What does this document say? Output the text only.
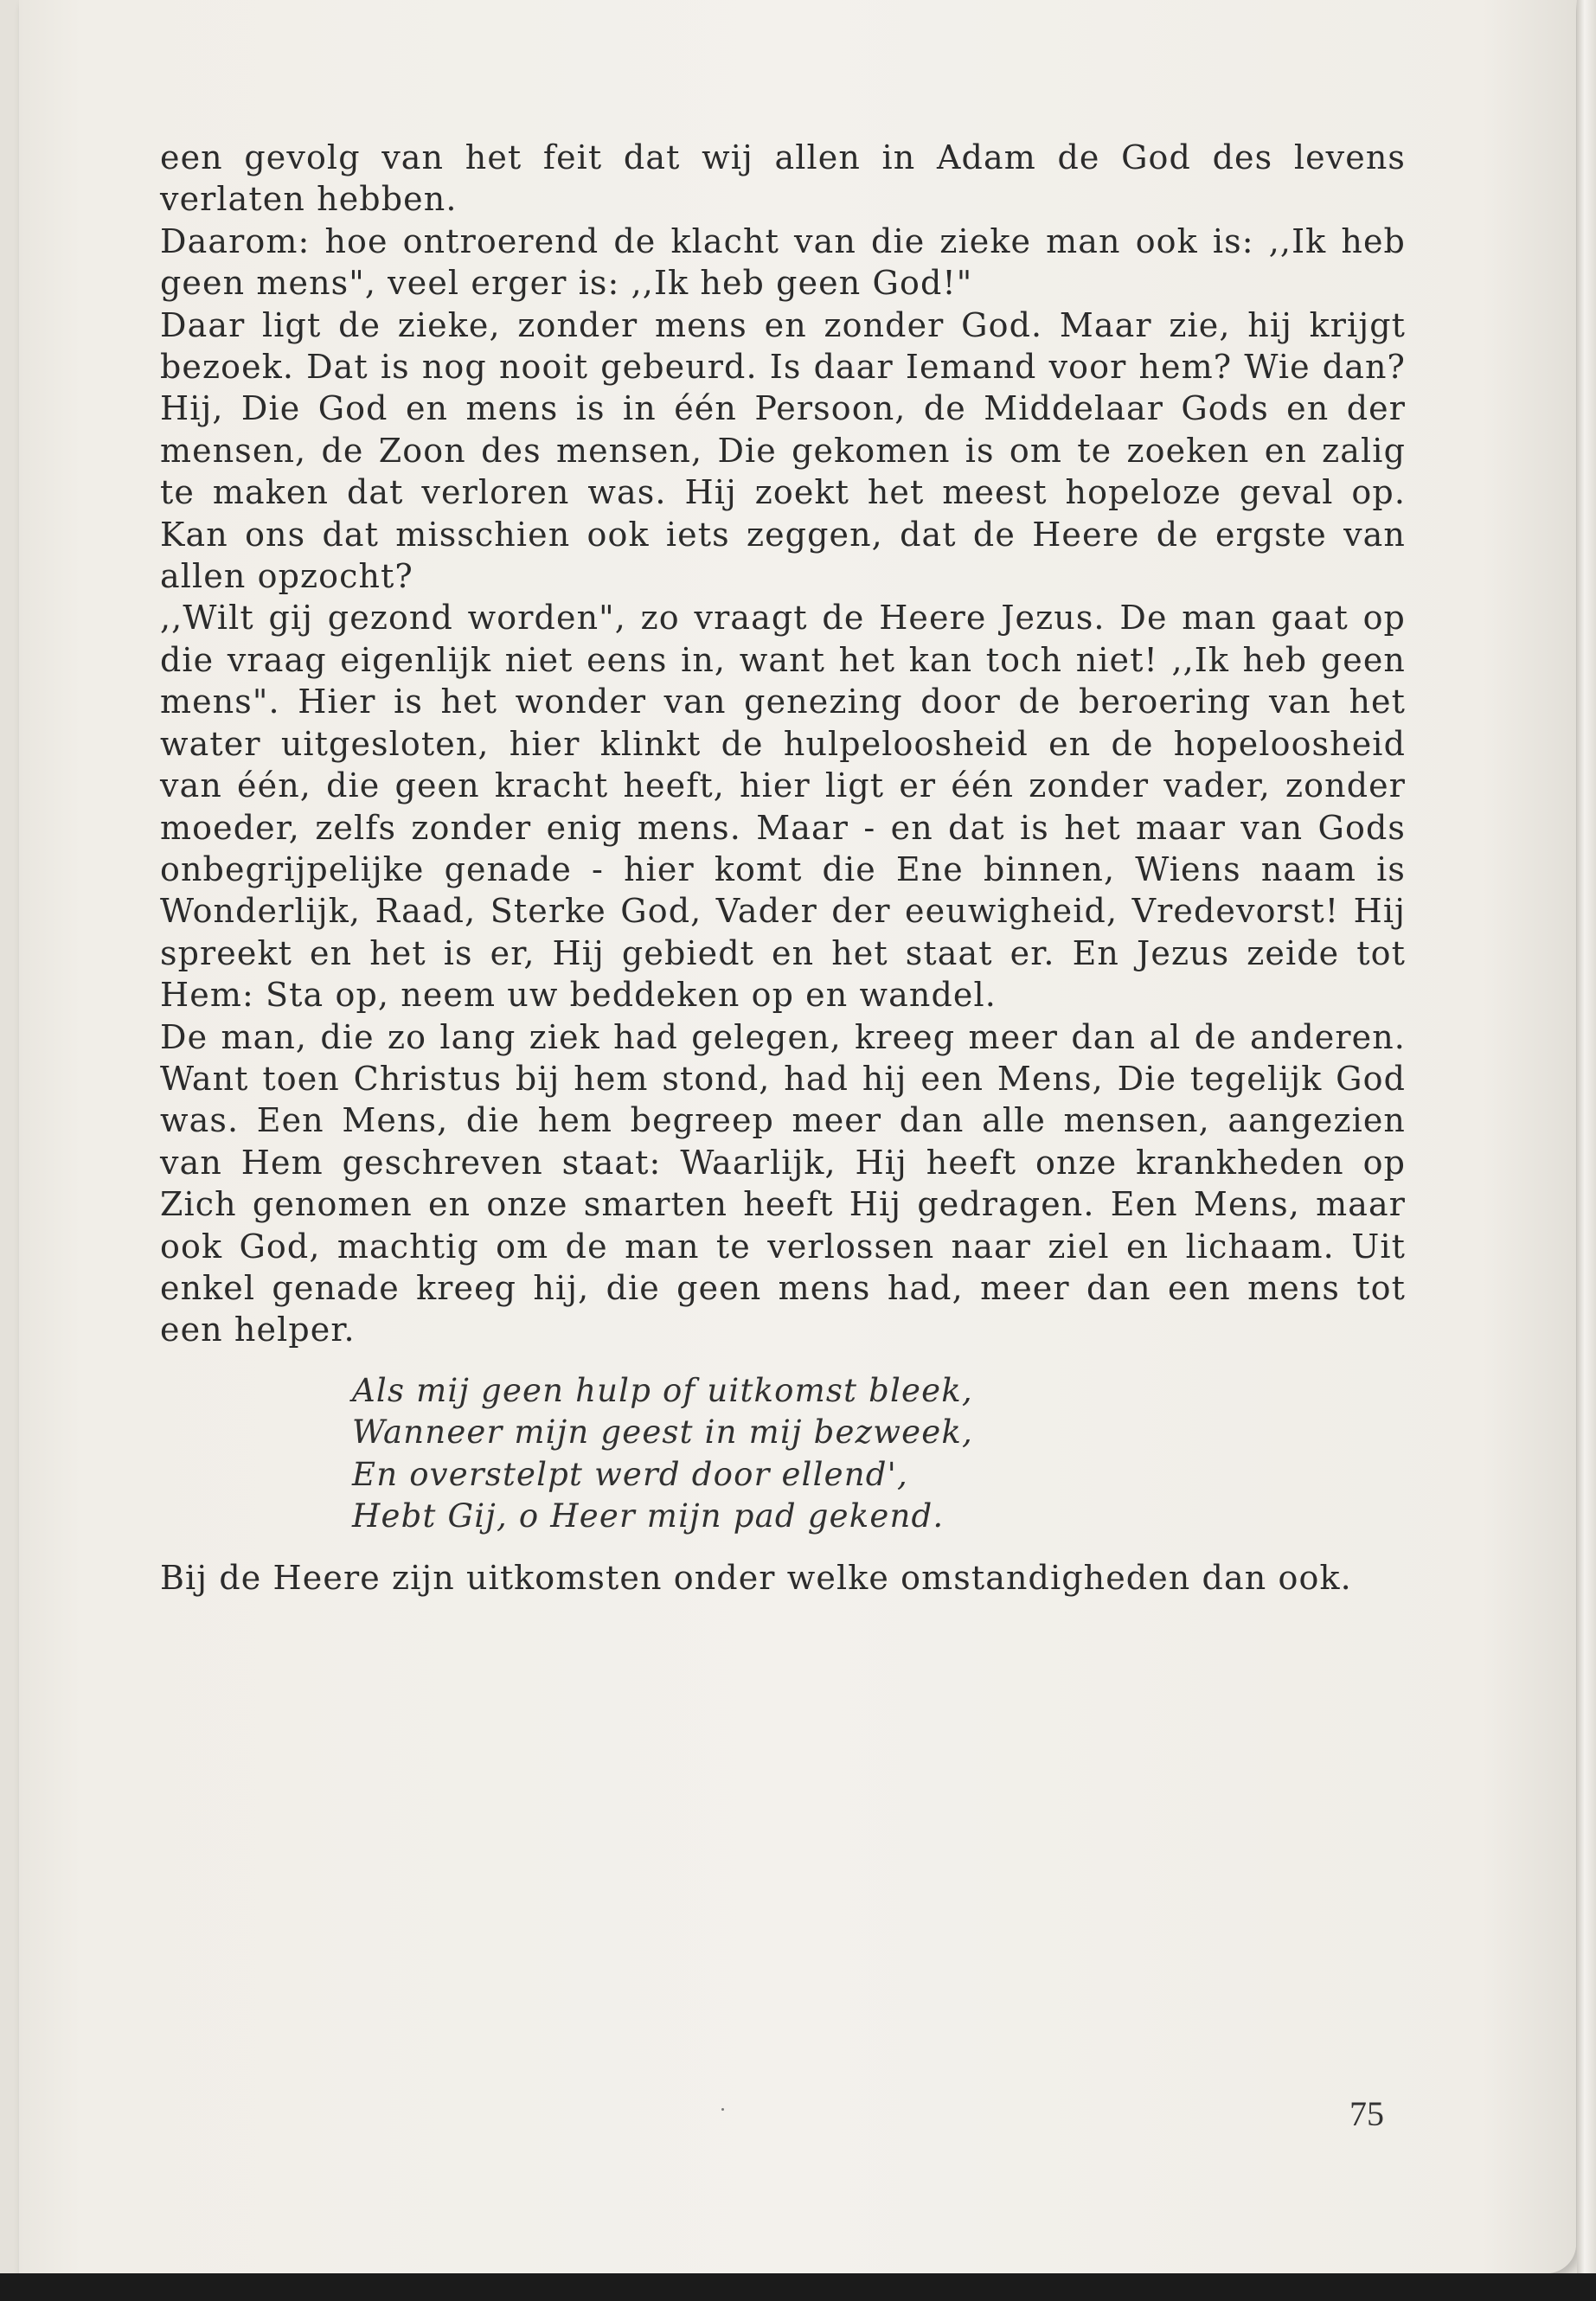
een gevolg van het feit dat wij allen in Adam de God des levens verlaten hebben.

Daarom: hoe ontroerend de klacht van die zieke man ook is: ,,Ik heb geen mens", veel erger is: ,,Ik heb geen God!"

Daar ligt de zieke, zonder mens en zonder God. Maar zie, hij krijgt bezoek. Dat is nog nooit gebeurd. Is daar Iemand voor hem? Wie dan? Hij, Die God en mens is in één Persoon, de Middelaar Gods en der mensen, de Zoon des mensen, Die gekomen is om te zoeken en zalig te maken dat verloren was. Hij zoekt het meest hopeloze geval op. Kan ons dat misschien ook iets zeggen, dat de Heere de ergste van allen opzocht?

,,Wilt gij gezond worden", zo vraagt de Heere Jezus. De man gaat op die vraag eigenlijk niet eens in, want het kan toch niet! ,,Ik heb geen mens". Hier is het wonder van genezing door de beroering van het water uitgesloten, hier klinkt de hulpeloosheid en de hopeloosheid van één, die geen kracht heeft, hier ligt er één zonder vader, zonder moeder, zelfs zonder enig mens. Maar - en dat is het maar van Gods onbegrijpelijke genade - hier komt die Ene binnen, Wiens naam is Wonderlijk, Raad, Sterke God, Vader der eeuwigheid, Vredevorst! Hij spreekt en het is er, Hij gebiedt en het staat er. En Jezus zeide tot Hem: Sta op, neem uw beddeken op en wandel.

De man, die zo lang ziek had gelegen, kreeg meer dan al de anderen. Want toen Christus bij hem stond, had hij een Mens, Die tegelijk God was. Een Mens, die hem begreep meer dan alle mensen, aangezien van Hem geschreven staat: Waarlijk, Hij heeft onze krankheden op Zich genomen en onze smarten heeft Hij gedragen. Een Mens, maar ook God, machtig om de man te verlossen naar ziel en lichaam. Uit enkel genade kreeg hij, die geen mens had, meer dan een mens tot een helper.

Als mij geen hulp of uitkomst bleek,
Wanneer mijn geest in mij bezweek,
En overstelpt werd door ellend',
Hebt Gij, o Heer mijn pad gekend.

Bij de Heere zijn uitkomsten onder welke omstandigheden dan ook.

75
